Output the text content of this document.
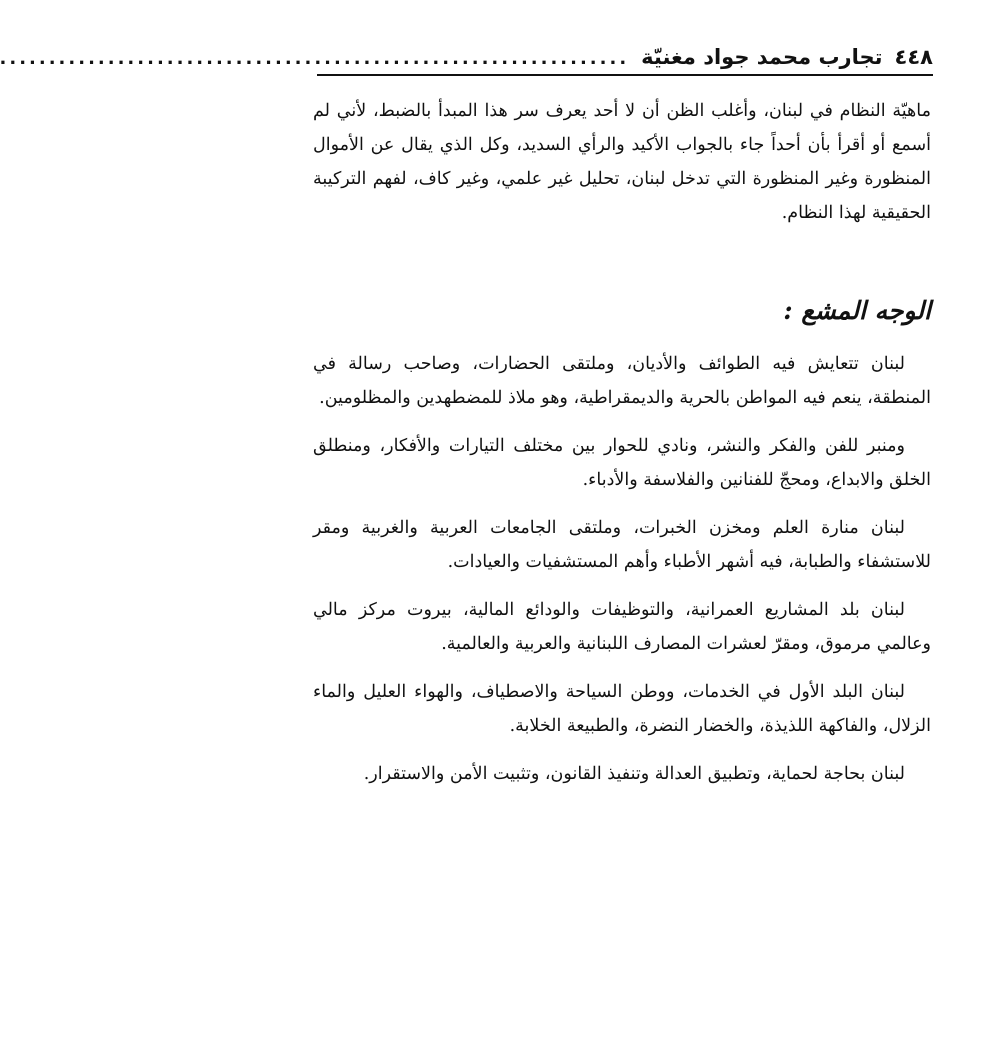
٤٤٨
تجارب محمد جواد مغنيّة
................................................................

ماهيّة النظام في لبنان، وأغلب الظن أن لا أحد يعرف سر هذا المبدأ بالضبط، لأني لم أسمع أو أقرأ بأن أحداً جاء بالجواب الأكيد والرأي السديد، وكل الذي يقال عن الأموال المنظورة وغير المنظورة التي تدخل لبنان، تحليل غير علمي، وغير كاف، لفهم التركيبة الحقيقية لهذا النظام.

الوجه المشع :

لبنان تتعايش فيه الطوائف والأديان، وملتقى الحضارات، وصاحب رسالة في المنطقة، ينعم فيه المواطن بالحرية والديمقراطية، وهو ملاذ للمضطهدين والمظلومين.

ومنبر للفن والفكر والنشر، ونادي للحوار بين مختلف التيارات والأفكار، ومنطلق الخلق والابداع، ومحجّ للفنانين والفلاسفة والأدباء.

لبنان منارة العلم ومخزن الخبرات، وملتقى الجامعات العربية والغربية ومقر للاستشفاء والطبابة، فيه أشهر الأطباء وأهم المستشفيات والعيادات.

لبنان بلد المشاريع العمرانية، والتوظيفات والودائع المالية، بيروت مركز مالي وعالمي مرموق، ومقرّ لعشرات المصارف اللبنانية والعربية والعالمية.

لبنان البلد الأول في الخدمات، ووطن السياحة والاصطياف، والهواء العليل والماء الزلال، والفاكهة اللذيذة، والخضار النضرة، والطبيعة الخلابة.

لبنان بحاجة لحماية، وتطبيق العدالة وتنفيذ القانون، وتثبيت الأمن والاستقرار.
